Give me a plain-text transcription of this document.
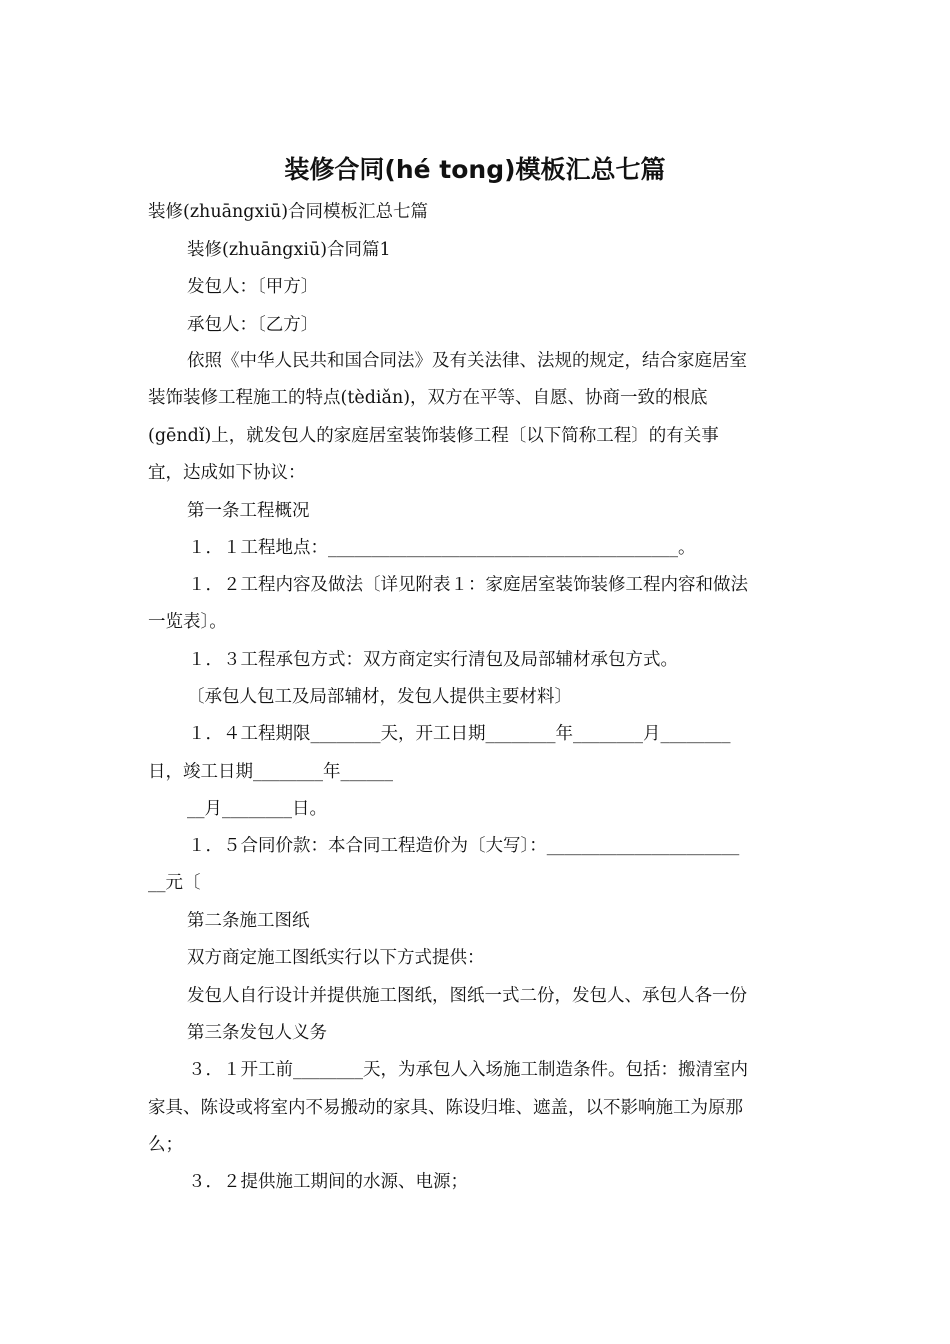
装修合同(hé tong)模板汇总七篇
装修(zhuāngxiū)合同模板汇总七篇
装修(zhuāngxiū)合同篇1
发包人：〔甲方〕
承包人：〔乙方〕
依照《中华人民共和国合同法》及有关法律、法规的规定，结合家庭居室
装饰装修工程施工的特点(tèdiǎn)，双方在平等、自愿、协商一致的根底
(gēndǐ)上，就发包人的家庭居室装饰装修工程〔以下简称工程〕的有关事
宜，达成如下协议：
第一条工程概况
１．１工程地点：________________________________________。
１．２工程内容及做法〔详见附表１：家庭居室装饰装修工程内容和做法
一览表〕。
１．３工程承包方式：双方商定实行清包及局部辅材承包方式。
〔承包人包工及局部辅材，发包人提供主要材料〕
１．４工程期限________天，开工日期________年________月________
日，竣工日期________年______
__月________日。
１．５合同价款：本合同工程造价为〔大写〕：______________________
__元〔
第二条施工图纸
双方商定施工图纸实行以下方式提供：
发包人自行设计并提供施工图纸，图纸一式二份，发包人、承包人各一份
第三条发包人义务
３．１开工前________天，为承包人入场施工制造条件。包括：搬清室内
家具、陈设或将室内不易搬动的家具、陈设归堆、遮盖，以不影响施工为原那
么；
３．２提供施工期间的水源、电源；
